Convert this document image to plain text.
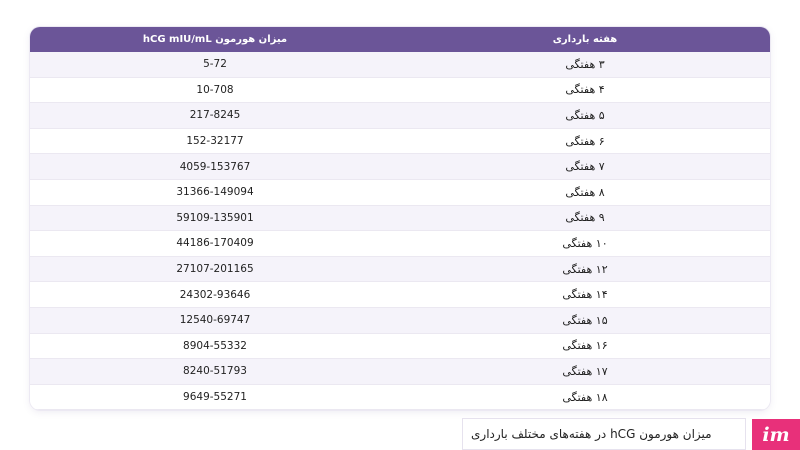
هفته بارداری
میزان هورمون hCG mIU/mL
۳ هفتگی
5-72
۴ هفتگی
10-708
۵ هفتگی
217-8245
۶ هفتگی
152-32177
۷ هفتگی
4059-153767
۸ هفتگی
31366-149094
۹ هفتگی
59109-135901
۱۰ هفتگی
44186-170409
۱۲ هفتگی
27107-201165
۱۴ هفتگی
24302-93646
۱۵ هفتگی
12540-69747
۱۶ هفتگی
8904-55332
۱۷ هفتگی
8240-51793
۱۸ هفتگی
9649-55271
میزان هورمون hCG در هفته‌های مختلف بارداری	im
